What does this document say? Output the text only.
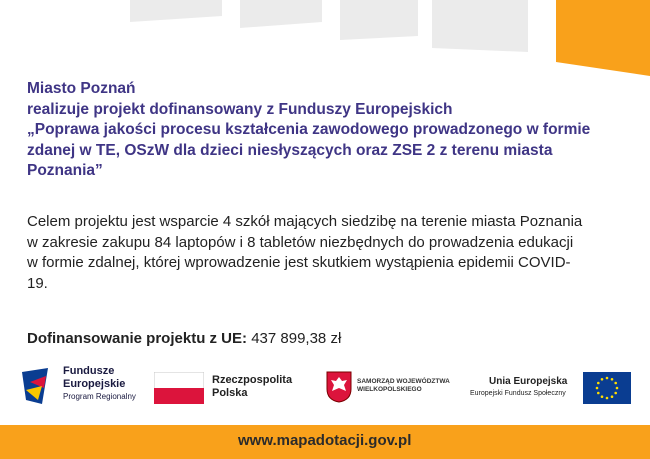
Miasto Poznań
realizuje projekt dofinansowany z Funduszy Europejskich
„Poprawa jakości procesu kształcenia zawodowego prowadzonego w formie
zdanej w TE, OSzW dla dzieci niesłyszących oraz ZSE 2 z terenu miasta
Poznania”
Celem projektu jest wsparcie 4 szkół mających siedzibę na terenie miasta Poznania
w zakresie zakupu 84 laptopów i 8 tabletów niezbędnych do prowadzenia edukacji
w formie zdalnej, której wprowadzenie jest skutkiem wystąpienia epidemii COVID-
19.
Dofinansowanie projektu z UE: 437 899,38 zł
Fundusze
Europejskie
Program Regionalny
Rzeczpospolita
Polska
SAMORZĄD WOJEWÓDZTWA
WIELKOPOLSKIEGO
Unia Europejska
Europejski Fundusz Społeczny
www.mapadotacji.gov.pl
